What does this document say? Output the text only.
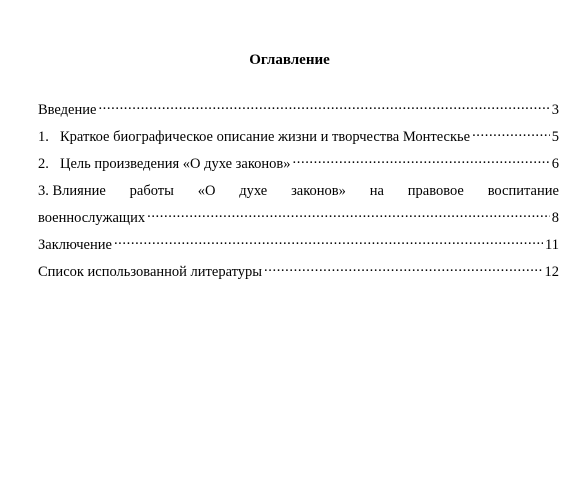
Оглавление
Введение .....	3
1. Краткое биографическое описание жизни и творчества Монтескье .....	5
2. Цель произведения «О духе законов» .....	6
3. Влияние работы «О духе законов» на правовое воспитание
военнослужащих .....	8
Заключение .....	11
Список использованной литературы .....	12
